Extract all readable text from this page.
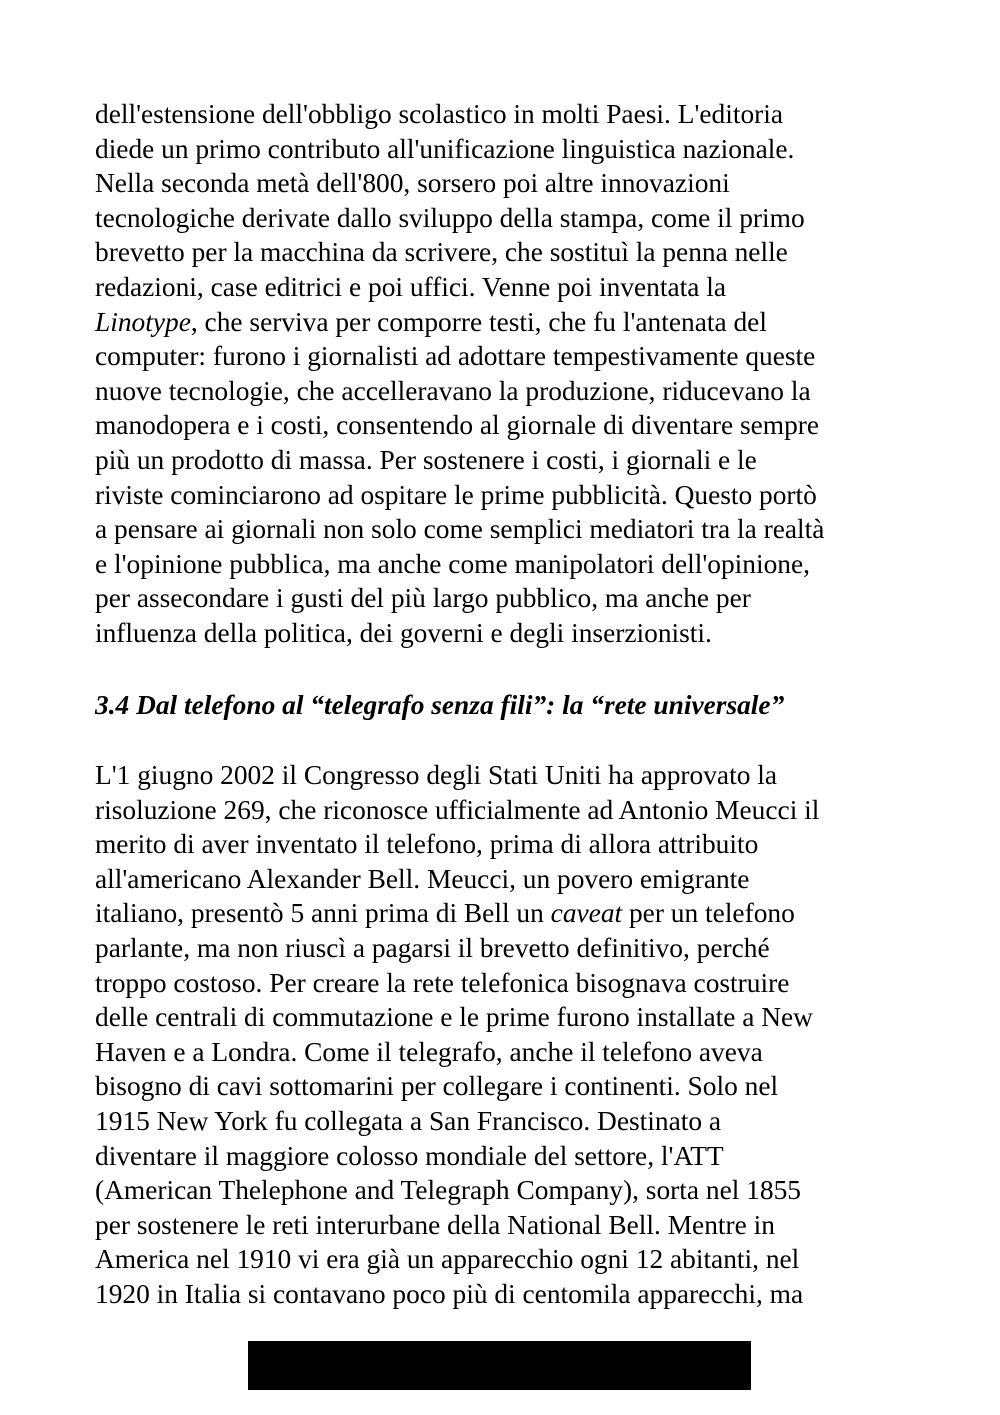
dell'estensione dell'obbligo scolastico in molti Paesi. L'editoria
diede un primo contributo all'unificazione linguistica nazionale.
Nella seconda metà dell'800, sorsero poi altre innovazioni
tecnologiche derivate dallo sviluppo della stampa, come il primo
brevetto per la macchina da scrivere, che sostituì la penna nelle
redazioni, case editrici e poi uffici. Venne poi inventata la
Linotype, che serviva per comporre testi, che fu l'antenata del
computer: furono i giornalisti ad adottare tempestivamente queste
nuove tecnologie, che accelleravano la produzione, riducevano la
manodopera e i costi, consentendo al giornale di diventare sempre
più un prodotto di massa. Per sostenere i costi, i giornali e le
riviste cominciarono ad ospitare le prime pubblicità. Questo portò
a pensare ai giornali non solo come semplici mediatori tra la realtà
e l'opinione pubblica, ma anche come manipolatori dell'opinione,
per assecondare i gusti del più largo pubblico, ma anche per
influenza della politica, dei governi e degli inserzionisti.
3.4 Dal telefono al “telegrafo senza fili”: la “rete universale”
L'1 giugno 2002 il Congresso degli Stati Uniti ha approvato la
risoluzione 269, che riconosce ufficialmente ad Antonio Meucci il
merito di aver inventato il telefono, prima di allora attribuito
all'americano Alexander Bell. Meucci, un povero emigrante
italiano, presentò 5 anni prima di Bell un caveat per un telefono
parlante, ma non riuscì a pagarsi il brevetto definitivo, perché
troppo costoso. Per creare la rete telefonica bisognava costruire
delle centrali di commutazione e le prime furono installate a New
Haven e a Londra. Come il telegrafo, anche il telefono aveva
bisogno di cavi sottomarini per collegare i continenti. Solo nel
1915 New York fu collegata a San Francisco. Destinato a
diventare il maggiore colosso mondiale del settore, l'ATT
(American Thelephone and Telegraph Company), sorta nel 1855
per sostenere le reti interurbane della National Bell. Mentre in
America nel 1910 vi era già un apparecchio ogni 12 abitanti, nel
1920 in Italia si contavano poco più di centomila apparecchi, ma
